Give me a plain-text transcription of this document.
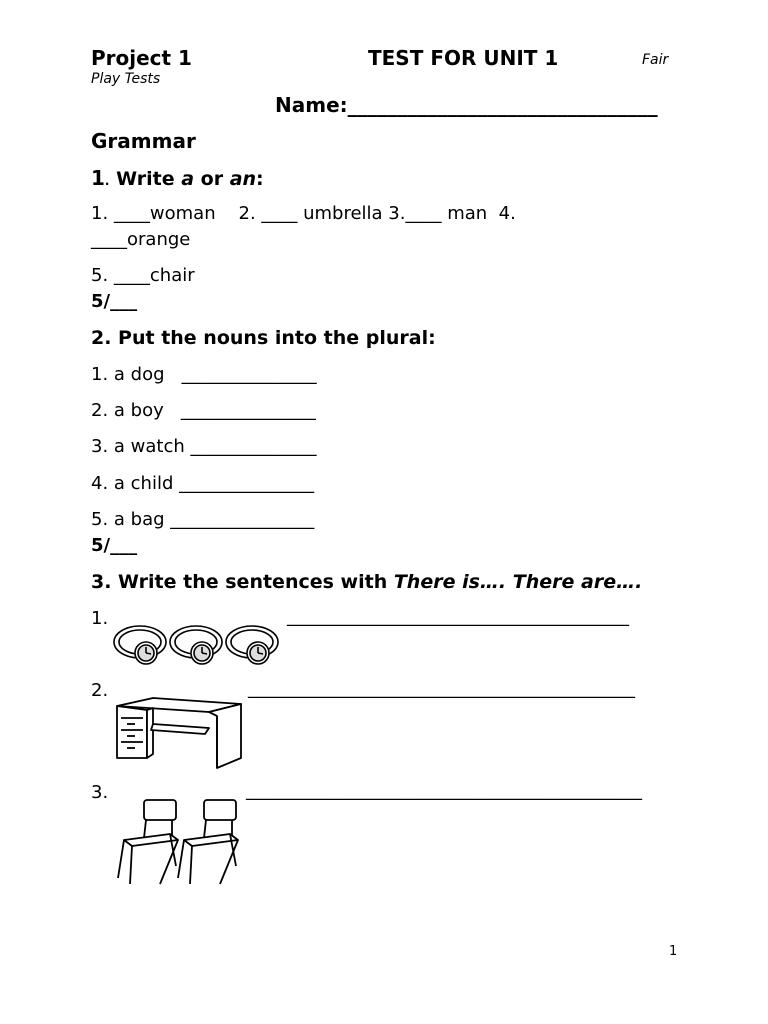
Project 1
Play Tests
TEST FOR UNIT 1	Fair
Name:_______________________________
Grammar
1. Write a or an:
1. ____woman    2. ____ umbrella 3.____ man  4.
____orange
5. ____chair
5/___
2. Put the nouns into the plural:
1. a dog   _______________
2. a boy   _______________
3. a watch ______________
4. a child _______________
5. a bag ________________
5/___
3. Write the sentences with There is…. There are….
1.	______________________________________
2.	___________________________________________
3.	____________________________________________
1
